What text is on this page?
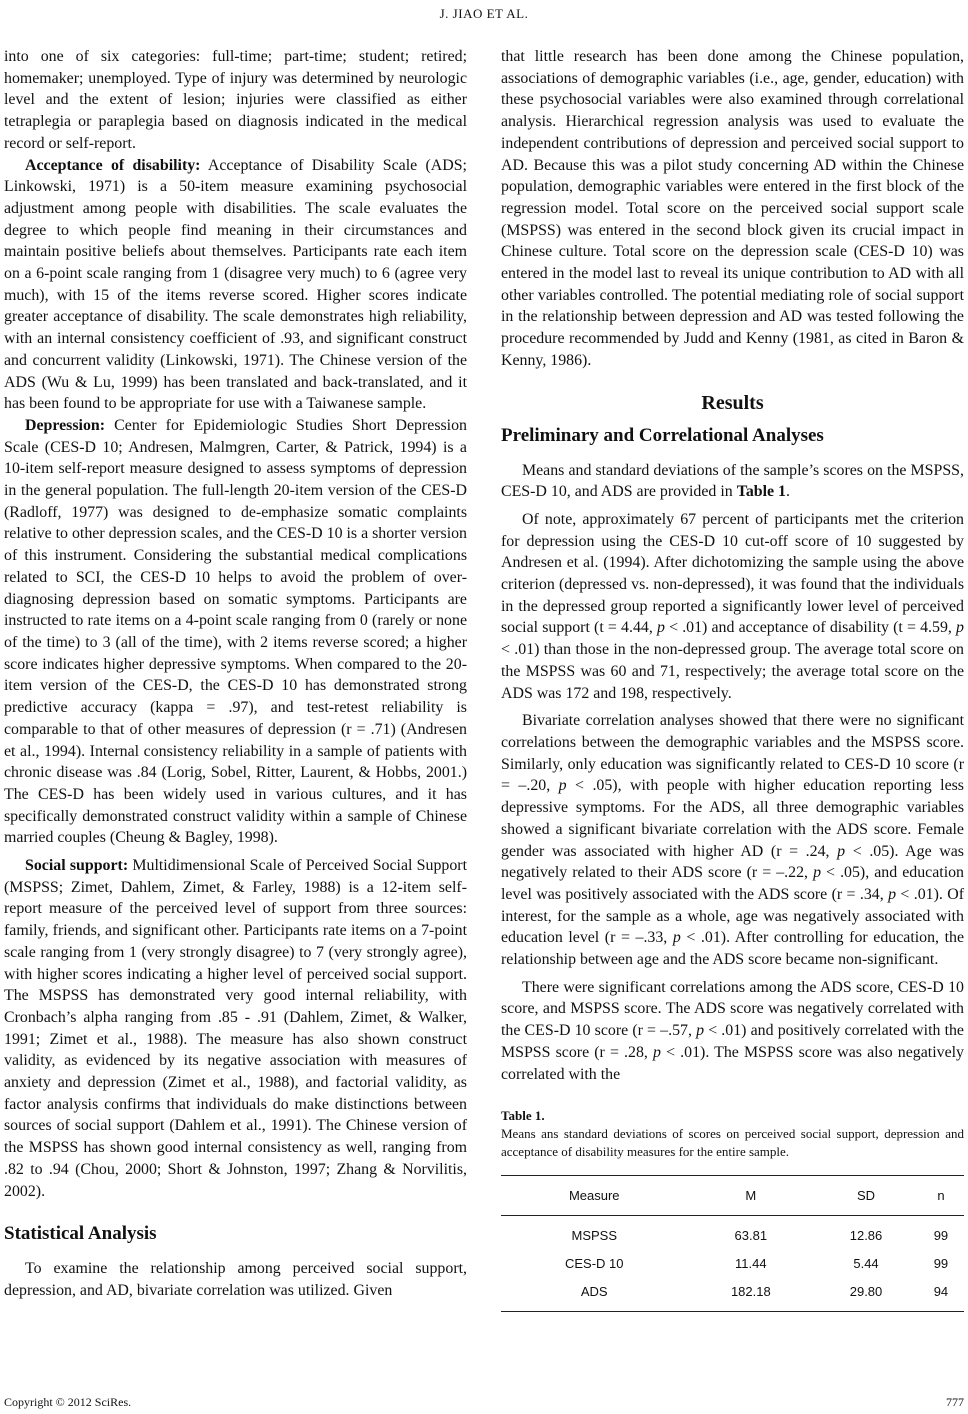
J. JIAO ET AL.

into one of six categories: full-time; part-time; student; retired; homemaker; unemployed. Type of injury was determined by neurologic level and the extent of lesion; injuries were classified as either tetraplegia or paraplegia based on diagnosis indicated in the medical record or self-report.

Acceptance of disability: Acceptance of Disability Scale (ADS; Linkowski, 1971) is a 50-item measure examining psychosocial adjustment among people with disabilities. The scale evaluates the degree to which people find meaning in their circumstances and maintain positive beliefs about themselves. Participants rate each item on a 6-point scale ranging from 1 (disagree very much) to 6 (agree very much), with 15 of the items reverse scored. Higher scores indicate greater acceptance of disability. The scale demonstrates high reliability, with an internal consistency coefficient of .93, and significant construct and concurrent validity (Linkowski, 1971). The Chinese version of the ADS (Wu & Lu, 1999) has been translated and back-translated, and it has been found to be appropriate for use with a Taiwanese sample.

Depression: Center for Epidemiologic Studies Short Depression Scale (CES-D 10; Andresen, Malmgren, Carter, & Patrick, 1994) is a 10-item self-report measure designed to assess symptoms of depression in the general population. The full-length 20-item version of the CES-D (Radloff, 1977) was designed to de-emphasize somatic complaints relative to other depression scales, and the CES-D 10 is a shorter version of this instrument. Considering the substantial medical complications related to SCI, the CES-D 10 helps to avoid the problem of over-diagnosing depression based on somatic symptoms. Participants are instructed to rate items on a 4-point scale ranging from 0 (rarely or none of the time) to 3 (all of the time), with 2 items reverse scored; a higher score indicates higher depressive symptoms. When compared to the 20-item version of the CES-D, the CES-D 10 has demonstrated strong predictive accuracy (kappa = .97), and test-retest reliability is comparable to that of other measures of depression (r = .71) (Andresen et al., 1994). Internal consistency reliability in a sample of patients with chronic disease was .84 (Lorig, Sobel, Ritter, Laurent, & Hobbs, 2001.) The CES-D has been widely used in various cultures, and it has specifically demonstrated construct validity within a sample of Chinese married couples (Cheung & Bagley, 1998).

Social support: Multidimensional Scale of Perceived Social Support (MSPSS; Zimet, Dahlem, Zimet, & Farley, 1988) is a 12-item self-report measure of the perceived level of support from three sources: family, friends, and significant other. Participants rate items on a 7-point scale ranging from 1 (very strongly disagree) to 7 (very strongly agree), with higher scores indicating a higher level of perceived social support. The MSPSS has demonstrated very good internal reliability, with Cronbach’s alpha ranging from .85 - .91 (Dahlem, Zimet, & Walker, 1991; Zimet et al., 1988). The measure has also shown construct validity, as evidenced by its negative association with measures of anxiety and depression (Zimet et al., 1988), and factorial validity, as factor analysis confirms that individuals do make distinctions between sources of social support (Dahlem et al., 1991). The Chinese version of the MSPSS has shown good internal consistency as well, ranging from .82 to .94 (Chou, 2000; Short & Johnston, 1997; Zhang & Norvilitis, 2002).

Statistical Analysis

To examine the relationship among perceived social support, depression, and AD, bivariate correlation was utilized. Given

that little research has been done among the Chinese population, associations of demographic variables (i.e., age, gender, education) with these psychosocial variables were also examined through correlational analysis. Hierarchical regression analysis was used to evaluate the independent contributions of depression and perceived social support to AD. Because this was a pilot study concerning AD within the Chinese population, demographic variables were entered in the first block of the regression model. Total score on the perceived social support scale (MSPSS) was entered in the second block given its crucial impact in Chinese culture. Total score on the depression scale (CES-D 10) was entered in the model last to reveal its unique contribution to AD with all other variables controlled. The potential mediating role of social support in the relationship between depression and AD was tested following the procedure recommended by Judd and Kenny (1981, as cited in Baron & Kenny, 1986).

Results
Preliminary and Correlational Analyses

Means and standard deviations of the sample’s scores on the MSPSS, CES-D 10, and ADS are provided in Table 1.

Of note, approximately 67 percent of participants met the criterion for depression using the CES-D 10 cut-off score of 10 suggested by Andresen et al. (1994). After dichotomizing the sample using the above criterion (depressed vs. non-depressed), it was found that the individuals in the depressed group reported a significantly lower level of perceived social support (t = 4.44, p < .01) and acceptance of disability (t = 4.59, p < .01) than those in the non-depressed group. The average total score on the MSPSS was 60 and 71, respectively; the average total score on the ADS was 172 and 198, respectively.

Bivariate correlation analyses showed that there were no significant correlations between the demographic variables and the MSPSS score. Similarly, only education was significantly related to CES-D 10 score (r = –.20, p < .05), with people with higher education reporting less depressive symptoms. For the ADS, all three demographic variables showed a significant bivariate correlation with the ADS score. Female gender was associated with higher AD (r = .24, p < .05). Age was negatively related to their ADS score (r = –.22, p < .05), and education level was positively associated with the ADS score (r = .34, p < .01). Of interest, for the sample as a whole, age was negatively associated with education level (r = –.33, p < .01). After controlling for education, the relationship between age and the ADS score became non-significant.

There were significant correlations among the ADS score, CES-D 10 score, and MSPSS score. The ADS score was negatively correlated with the CES-D 10 score (r = –.57, p < .01) and positively correlated with the MSPSS score (r = .28, p < .01). The MSPSS score was also negatively correlated with the

Table 1.
Means ans standard deviations of scores on perceived social support, depression and acceptance of disability measures for the entire sample.
Measure	M	SD	n
MSPSS	63.81	12.86	99
CES-D 10	11.44	5.44	99
ADS	182.18	29.80	94
Copyright © 2012 SciRes.	777
